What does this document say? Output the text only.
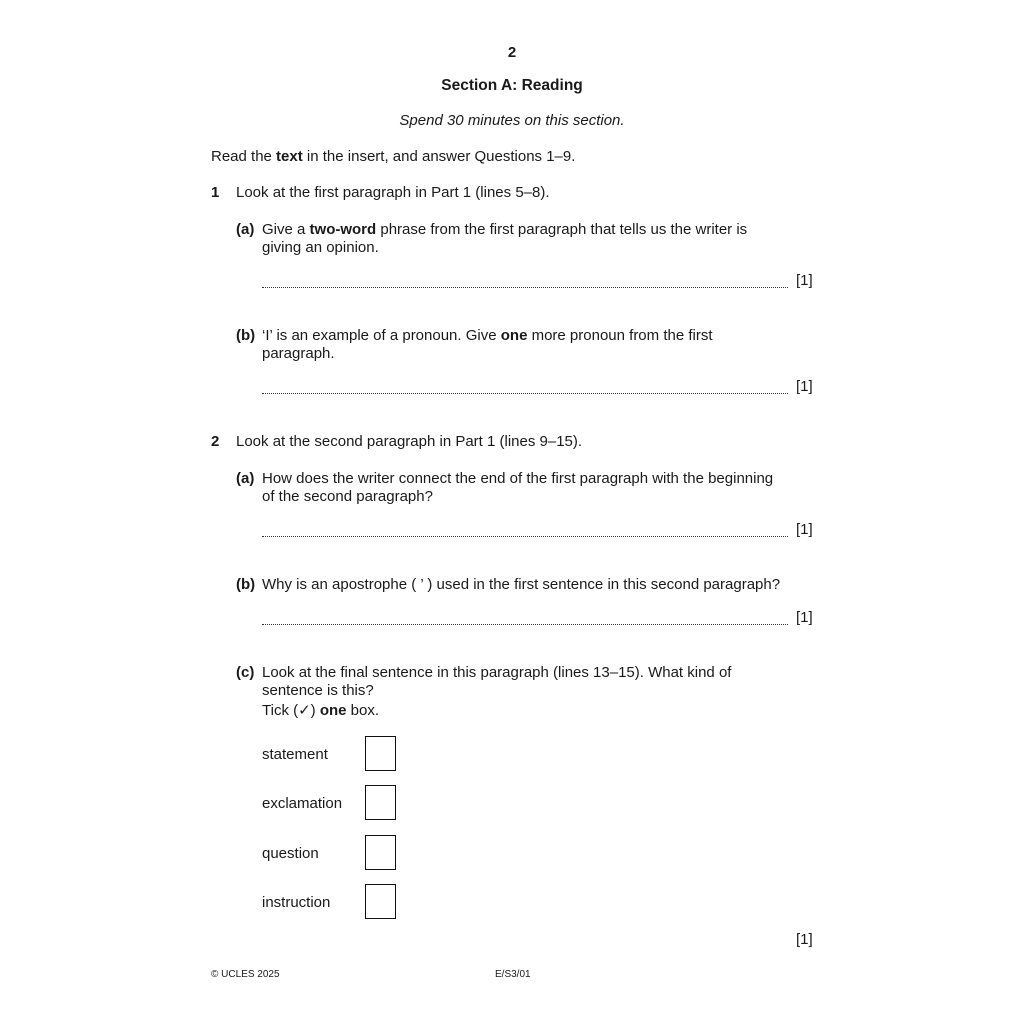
2
Section A: Reading
Spend 30 minutes on this section.
Read the text in the insert, and answer Questions 1–9.
1 Look at the first paragraph in Part 1 (lines 5–8).
(a) Give a two-word phrase from the first paragraph that tells us the writer is
giving an opinion.
[1]
(b) ‘I’ is an example of a pronoun. Give one more pronoun from the first
paragraph.
[1]
2 Look at the second paragraph in Part 1 (lines 9–15).
(a) How does the writer connect the end of the first paragraph with the beginning
of the second paragraph?
[1]
(b) Why is an apostrophe ( ’ ) used in the first sentence in this second paragraph?
[1]
(c) Look at the final sentence in this paragraph (lines 13–15). What kind of
sentence is this?
Tick (✓) one box.
statement
exclamation
question
instruction
[1]
© UCLES 2025	E/S3/01
